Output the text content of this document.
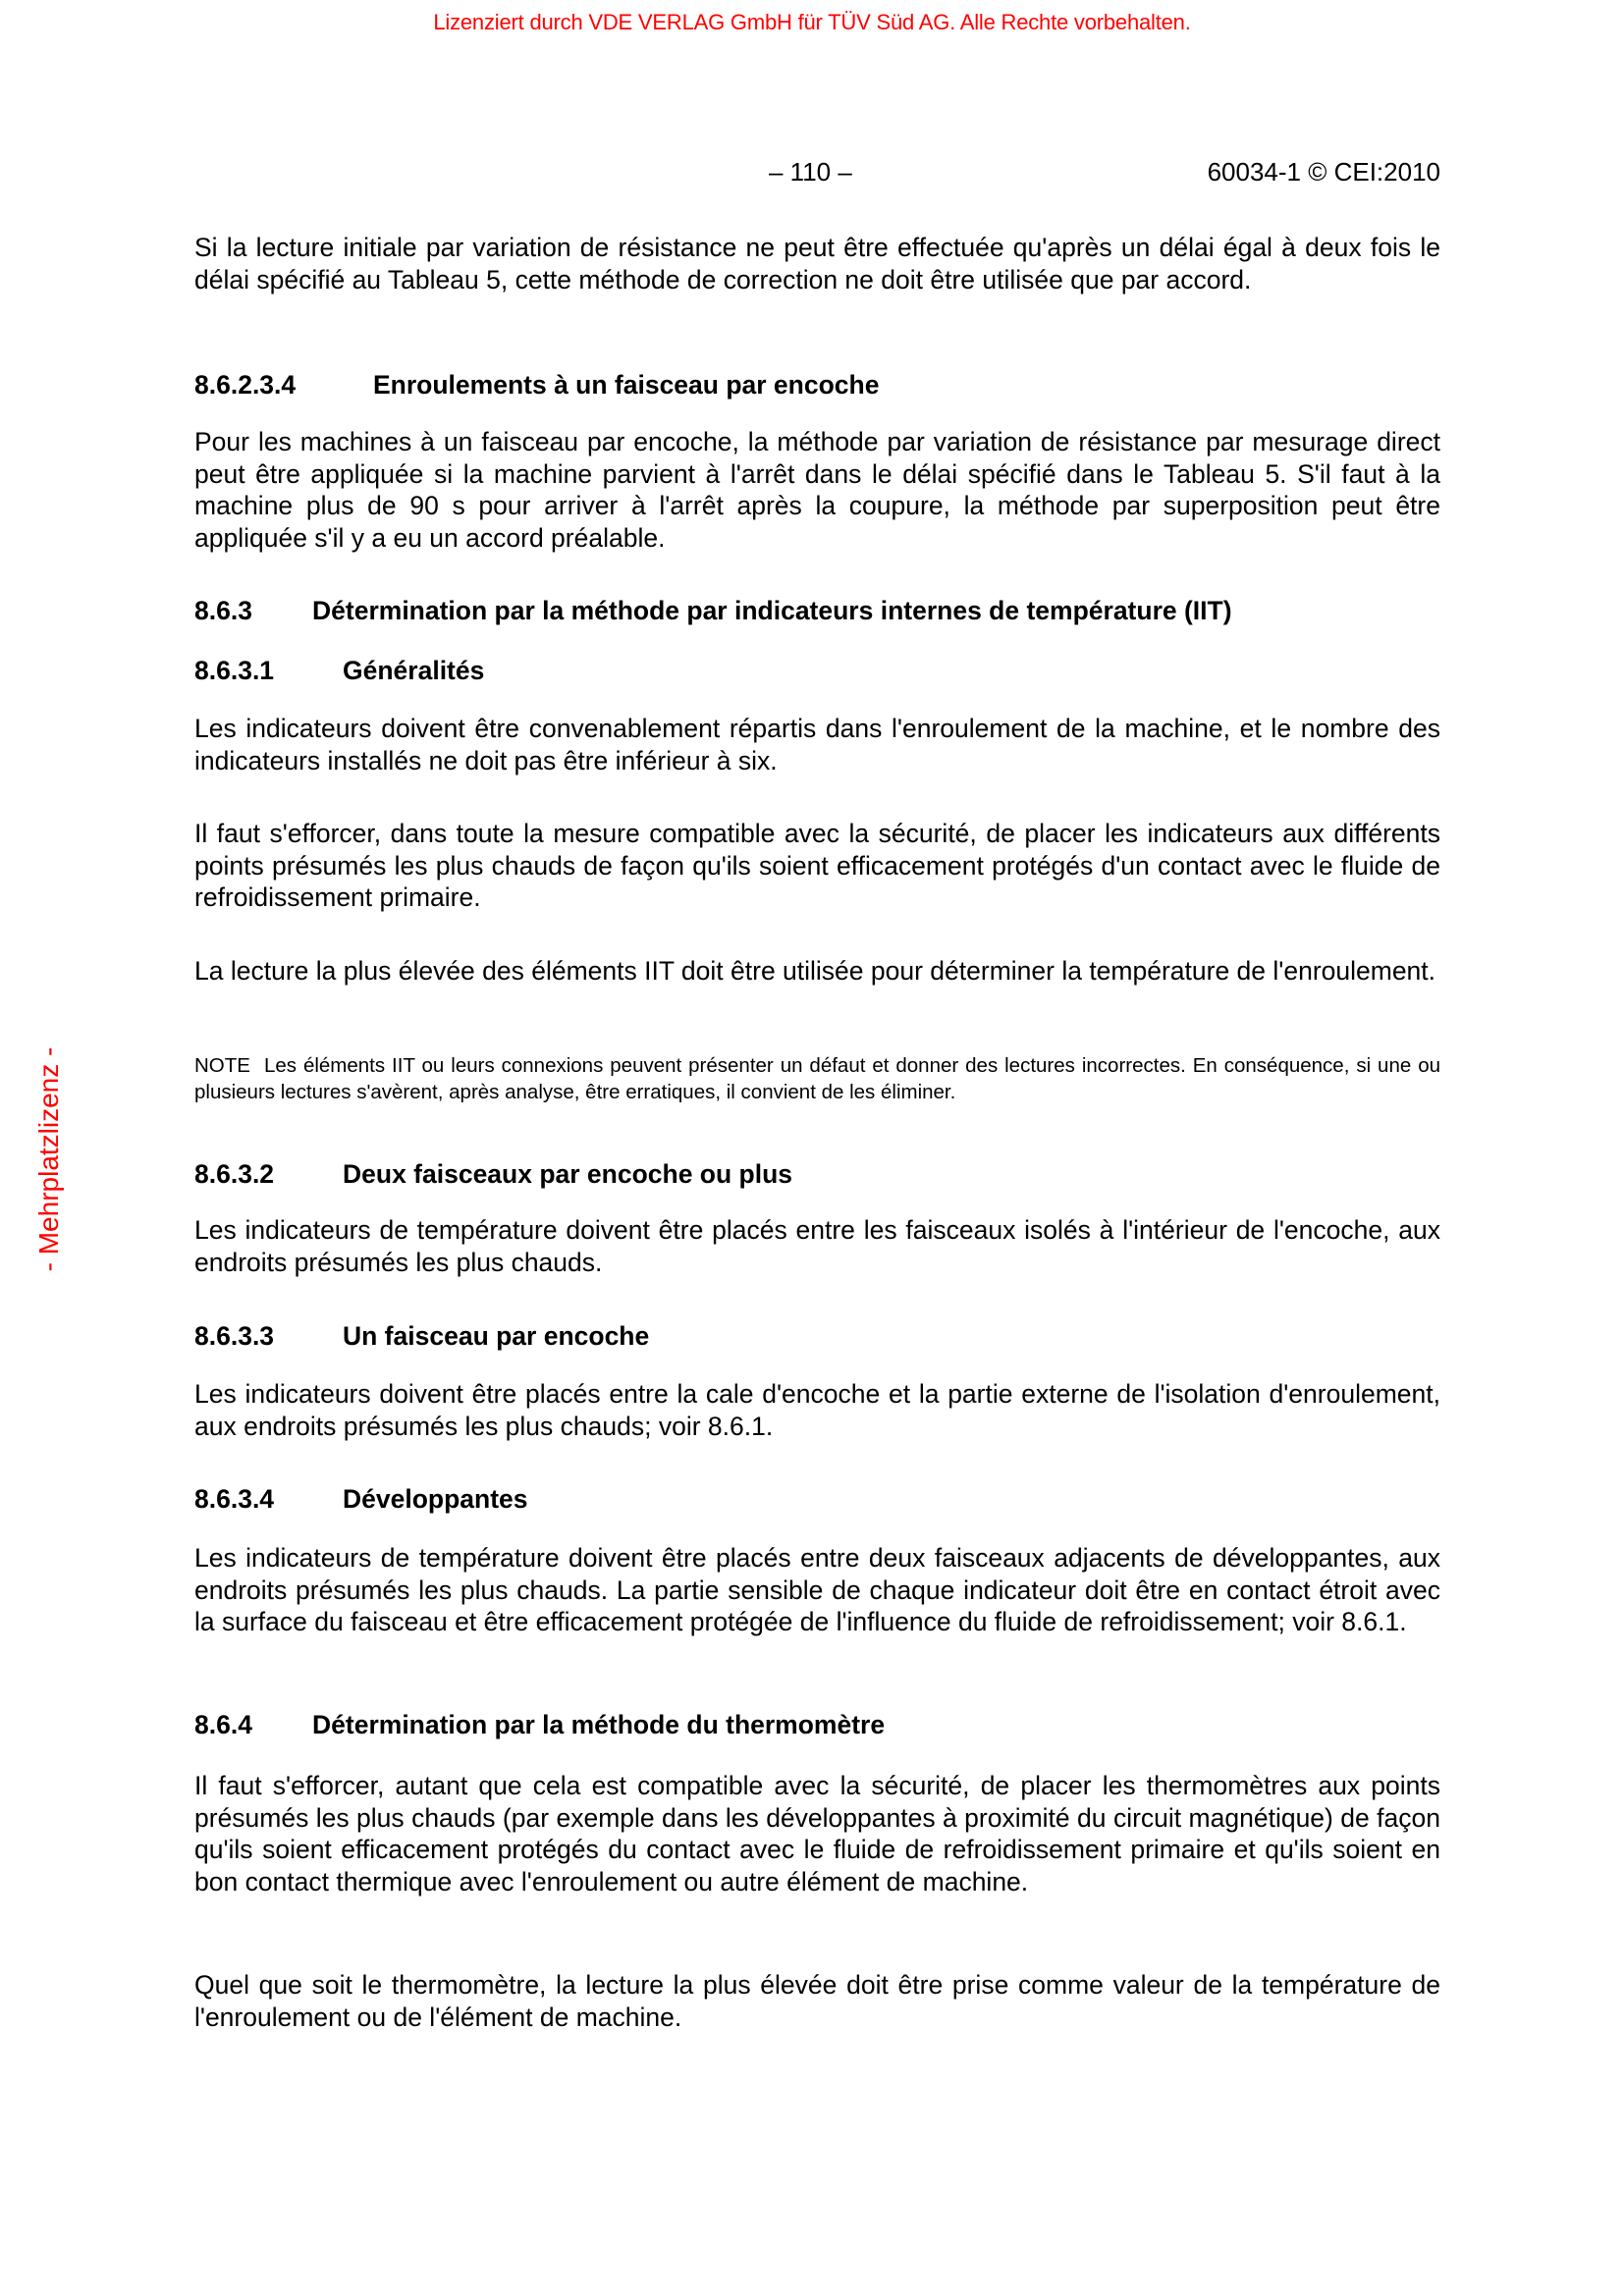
Lizenziert durch VDE VERLAG GmbH für TÜV Süd AG. Alle Rechte vorbehalten.
- Mehrplatzlizenz -
– 110 –	60034-1 © CEI:2010
Si la lecture initiale par variation de résistance ne peut être effectuée qu'après un délai égal à deux fois le délai spécifié au Tableau 5, cette méthode de correction ne doit être utilisée que par accord.
8.6.2.3.4	Enroulements à un faisceau par encoche
Pour les machines à un faisceau par encoche, la méthode par variation de résistance par mesurage direct peut être appliquée si la machine parvient à l'arrêt dans le délai spécifié dans le Tableau 5. S'il faut à la machine plus de 90 s pour arriver à l'arrêt après la coupure, la méthode par superposition peut être appliquée s'il y a eu un accord préalable.
8.6.3 Détermination par la méthode par indicateurs internes de température (IIT)
8.6.3.1	Généralités
Les indicateurs doivent être convenablement répartis dans l'enroulement de la machine, et le nombre des indicateurs installés ne doit pas être inférieur à six.
Il faut s'efforcer, dans toute la mesure compatible avec la sécurité, de placer les indicateurs aux différents points présumés les plus chauds de façon qu'ils soient efficacement protégés d'un contact avec le fluide de refroidissement primaire.
La lecture la plus élevée des éléments IIT doit être utilisée pour déterminer la température de l'enroulement.
NOTE Les éléments IIT ou leurs connexions peuvent présenter un défaut et donner des lectures incorrectes. En conséquence, si une ou plusieurs lectures s'avèrent, après analyse, être erratiques, il convient de les éliminer.
8.6.3.2	Deux faisceaux par encoche ou plus
Les indicateurs de température doivent être placés entre les faisceaux isolés à l'intérieur de l'encoche, aux endroits présumés les plus chauds.
8.6.3.3	Un faisceau par encoche
Les indicateurs doivent être placés entre la cale d'encoche et la partie externe de l'isolation d'enroulement, aux endroits présumés les plus chauds; voir 8.6.1.
8.6.3.4	Développantes
Les indicateurs de température doivent être placés entre deux faisceaux adjacents de développantes, aux endroits présumés les plus chauds. La partie sensible de chaque indicateur doit être en contact étroit avec la surface du faisceau et être efficacement protégée de l'influence du fluide de refroidissement; voir 8.6.1.
8.6.4 Détermination par la méthode du thermomètre
Il faut s'efforcer, autant que cela est compatible avec la sécurité, de placer les thermomètres aux points présumés les plus chauds (par exemple dans les développantes à proximité du circuit magnétique) de façon qu'ils soient efficacement protégés du contact avec le fluide de refroidissement primaire et qu'ils soient en bon contact thermique avec l'enroulement ou autre élément de machine.
Quel que soit le thermomètre, la lecture la plus élevée doit être prise comme valeur de la température de l'enroulement ou de l'élément de machine.
